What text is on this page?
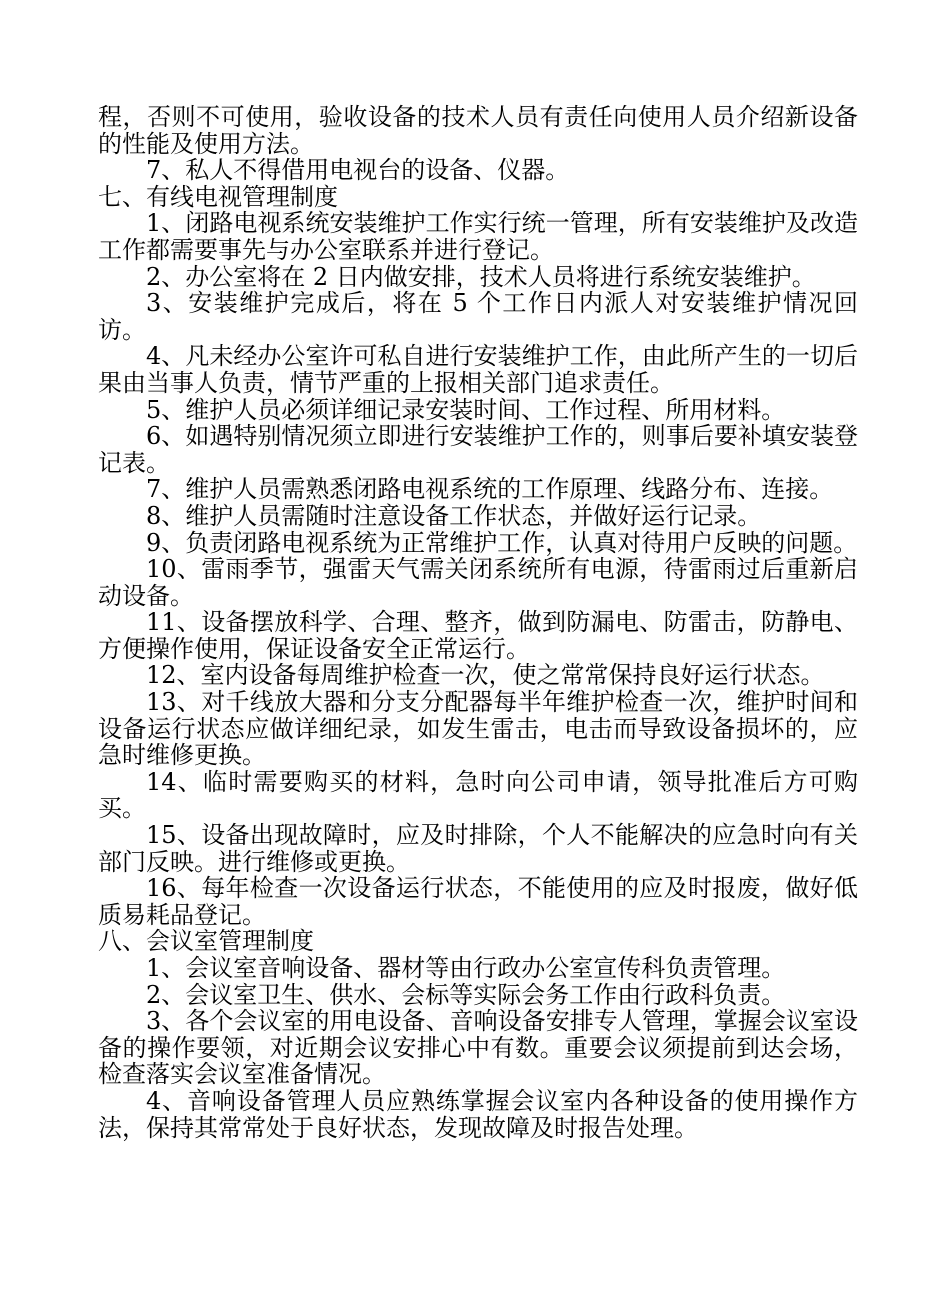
程，否则不可使用，验收设备的技术人员有责任向使用人员介绍新设备的性能及使用方法。

7、私人不得借用电视台的设备、仪器。

七、有线电视管理制度

1、闭路电视系统安装维护工作实行统一管理，所有安装维护及改造工作都需要事先与办公室联系并进行登记。

2、办公室将在 2 日内做安排，技术人员将进行系统安装维护。

3、安装维护完成后，将在 5 个工作日内派人对安装维护情况回访。

4、凡未经办公室许可私自进行安装维护工作，由此所产生的一切后果由当事人负责，情节严重的上报相关部门追求责任。

5、维护人员必须详细记录安装时间、工作过程、所用材料。

6、如遇特别情况须立即进行安装维护工作的，则事后要补填安装登记表。

7、维护人员需熟悉闭路电视系统的工作原理、线路分布、连接。

8、维护人员需随时注意设备工作状态，并做好运行记录。

9、负责闭路电视系统为正常维护工作，认真对待用户反映的问题。

10、雷雨季节，强雷天气需关闭系统所有电源，待雷雨过后重新启动设备。

11、设备摆放科学、合理、整齐，做到防漏电、防雷击，防静电、方便操作使用，保证设备安全正常运行。

12、室内设备每周维护检查一次，使之常常保持良好运行状态。

13、对千线放大器和分支分配器每半年维护检查一次，维护时间和设备运行状态应做详细纪录，如发生雷击，电击而导致设备损坏的，应急时维修更换。

14、临时需要购买的材料，急时向公司申请，领导批准后方可购买。

15、设备出现故障时，应及时排除，个人不能解决的应急时向有关部门反映。进行维修或更换。

16、每年检查一次设备运行状态，不能使用的应及时报废，做好低质易耗品登记。

八、会议室管理制度

1、会议室音响设备、器材等由行政办公室宣传科负责管理。

2、会议室卫生、供水、会标等实际会务工作由行政科负责。

3、各个会议室的用电设备、音响设备安排专人管理，掌握会议室设备的操作要领，对近期会议安排心中有数。重要会议须提前到达会场，检查落实会议室准备情况。

4、音响设备管理人员应熟练掌握会议室内各种设备的使用操作方法，保持其常常处于良好状态，发现故障及时报告处理。
